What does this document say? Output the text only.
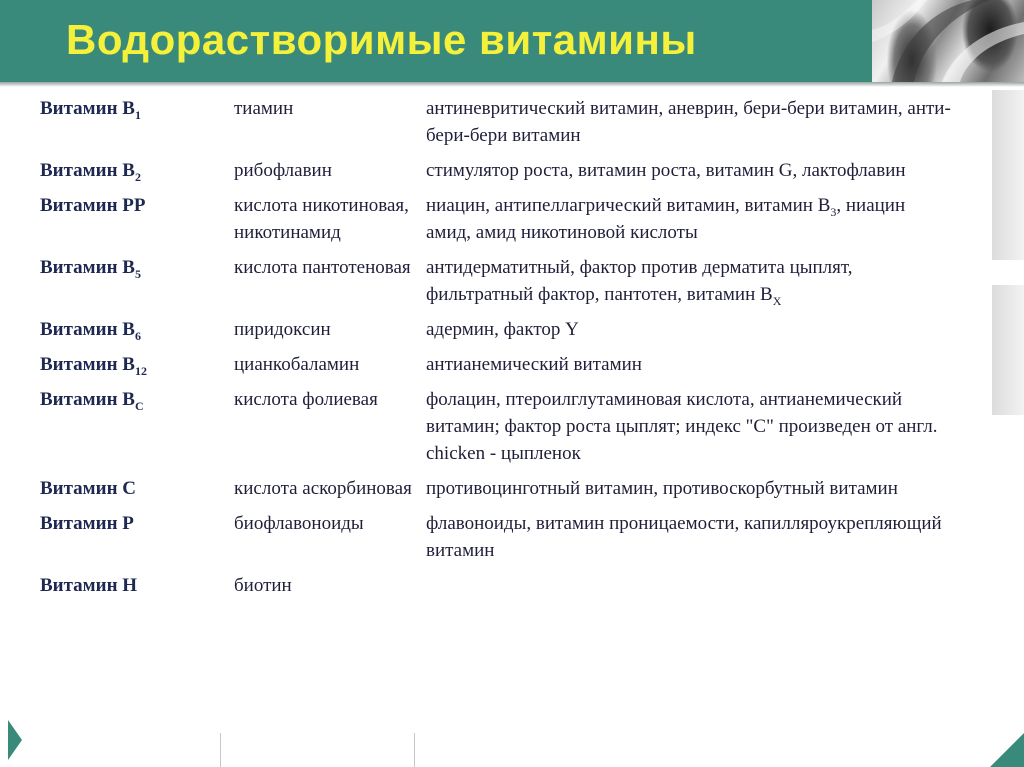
Водорастворимые витамины
Витамин $B_1$	тиамин	антиневритический витамин, аневрин, бери-бери витамин, анти-бери-бери витамин
Витамин $B_2$	рибофлавин	стимулятор роста, витамин роста, витамин G, лактофлавин
Витамин PP	кислота никотиновая, никотинамид	ниацин, антипеллагрический витамин, витамин $B_3$, ниацин амид, амид никотиновой кислоты
Витамин $B_5$	кислота пантотеновая	антидерматитный, фактор против дерматита цыплят, фильтратный фактор, пантотен, витамин $B_X$
Витамин $B_6$	пиридоксин	адермин, фактор Y
Витамин $B_{12}$	цианкобаламин	антианемический витамин
Витамин $B_C$	кислота фолиевая	фолацин, птероилглутаминовая кислота, антианемический витамин; фактор роста цыплят; индекс "С" произведен от англ. chicken - цыпленок
Витамин C	кислота аскорбиновая	противоцинготный витамин, противоскорбутный витамин
Витамин P	биофлавоноиды	флавоноиды, витамин проницаемости, капилляроукрепляющий витамин
Витамин H	биотин	
